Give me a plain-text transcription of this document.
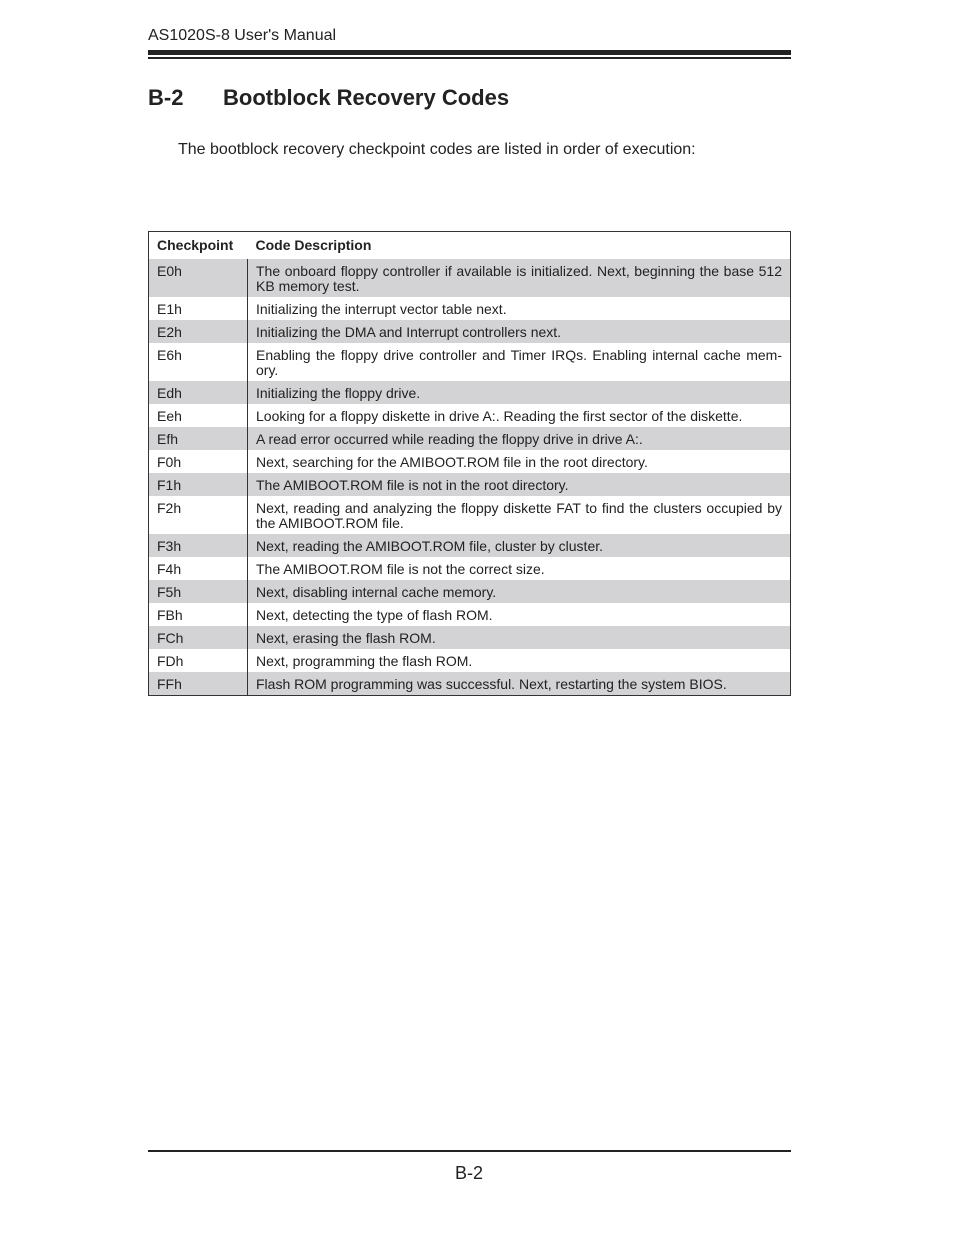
AS1020S-8 User's Manual
B-2 Bootblock Recovery Codes
The bootblock recovery checkpoint codes are listed in order of execution:
Checkpoint	Code Description
E0h	The onboard floppy controller if available is initialized. Next, beginning the base 512 KB memory test.
E1h	Initializing the interrupt vector table next.
E2h	Initializing the DMA and Interrupt controllers next.
E6h	Enabling the floppy drive controller and Timer IRQs. Enabling internal cache mem-ory.
Edh	Initializing the floppy drive.
Eeh	Looking for a floppy diskette in drive A:. Reading the first sector of the diskette.
Efh	A read error occurred while reading the floppy drive in drive A:.
F0h	Next, searching for the AMIBOOT.ROM file in the root directory.
F1h	The AMIBOOT.ROM file is not in the root directory.
F2h	Next, reading and analyzing the floppy diskette FAT to find the clusters occupied by the AMIBOOT.ROM file.
F3h	Next, reading the AMIBOOT.ROM file, cluster by cluster.
F4h	The AMIBOOT.ROM file is not the correct size.
F5h	Next, disabling internal cache memory.
FBh	Next, detecting the type of flash ROM.
FCh	Next, erasing the flash ROM.
FDh	Next, programming the flash ROM.
FFh	Flash ROM programming was successful. Next, restarting the system BIOS.
B-2
